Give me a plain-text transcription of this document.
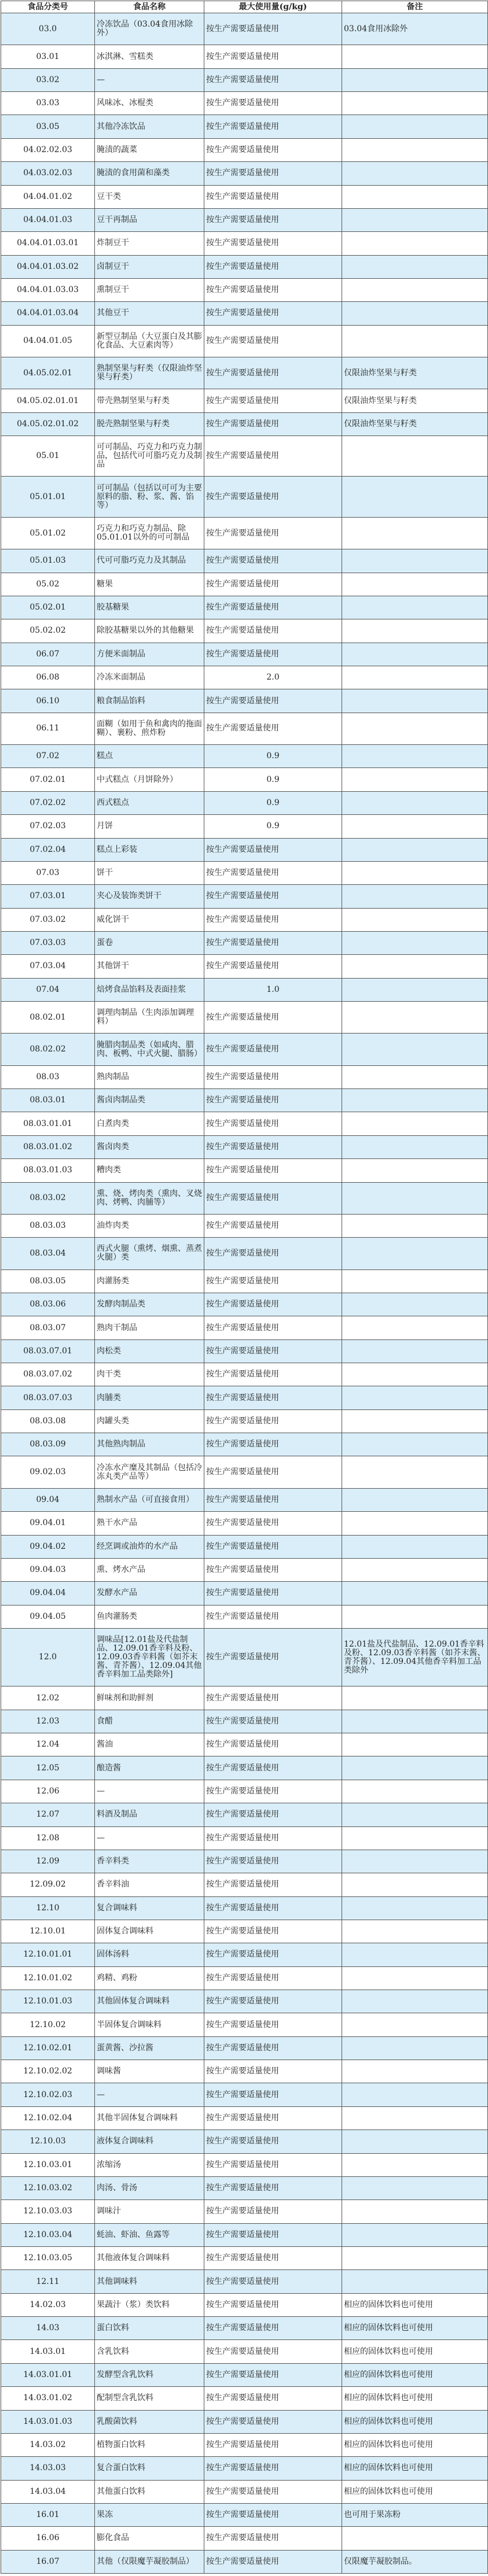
食品分类号	食品名称	最大使用量(g/kg)	备注
03.0	冷冻饮品（03.04食用冰除外）	按生产需要适量使用	03.04食用冰除外
03.01	冰淇淋、雪糕类	按生产需要适量使用	
03.02	—	按生产需要适量使用	
03.03	风味冰、冰棍类	按生产需要适量使用	
03.05	其他冷冻饮品	按生产需要适量使用	
04.02.02.03	腌渍的蔬菜	按生产需要适量使用	
04.03.02.03	腌渍的食用菌和藻类	按生产需要适量使用	
04.04.01.02	豆干类	按生产需要适量使用	
04.04.01.03	豆干再制品	按生产需要适量使用	
04.04.01.03.01	炸制豆干	按生产需要适量使用	
04.04.01.03.02	卤制豆干	按生产需要适量使用	
04.04.01.03.03	熏制豆干	按生产需要适量使用	
04.04.01.03.04	其他豆干	按生产需要适量使用	
04.04.01.05	新型豆制品（大豆蛋白及其膨化食品、大豆素肉等）	按生产需要适量使用	
04.05.02.01	熟制坚果与籽类（仅限油炸坚果与籽类）	按生产需要适量使用	仅限油炸坚果与籽类
04.05.02.01.01	带壳熟制坚果与籽类	按生产需要适量使用	仅限油炸坚果与籽类
04.05.02.01.02	脱壳熟制坚果与籽类	按生产需要适量使用	仅限油炸坚果与籽类
05.01	可可制品、巧克力和巧克力制品，包括代可可脂巧克力及制品	按生产需要适量使用	
05.01.01	可可制品（包括以可可为主要原料的脂、粉、浆、酱、馅等）	按生产需要适量使用	
05.01.02	巧克力和巧克力制品、除05.01.01以外的可可制品	按生产需要适量使用	
05.01.03	代可可脂巧克力及其制品	按生产需要适量使用	
05.02	糖果	按生产需要适量使用	
05.02.01	胶基糖果	按生产需要适量使用	
05.02.02	除胶基糖果以外的其他糖果	按生产需要适量使用	
06.07	方便米面制品	按生产需要适量使用	
06.08	冷冻米面制品	2.0	
06.10	粮食制品馅料	按生产需要适量使用	
06.11	面糊（如用于鱼和禽肉的拖面糊）、裹粉、煎炸粉	按生产需要适量使用	
07.02	糕点	0.9	
07.02.01	中式糕点（月饼除外）	0.9	
07.02.02	西式糕点	0.9	
07.02.03	月饼	0.9	
07.02.04	糕点上彩装	按生产需要适量使用	
07.03	饼干	按生产需要适量使用	
07.03.01	夹心及装饰类饼干	按生产需要适量使用	
07.03.02	威化饼干	按生产需要适量使用	
07.03.03	蛋卷	按生产需要适量使用	
07.03.04	其他饼干	按生产需要适量使用	
07.04	焙烤食品馅料及表面挂浆	1.0	
08.02.01	调理肉制品（生肉添加调理料）	按生产需要适量使用	
08.02.02	腌腊肉制品类（如咸肉、腊肉、板鸭、中式火腿、腊肠）	按生产需要适量使用	
08.03	熟肉制品	按生产需要适量使用	
08.03.01	酱卤肉制品类	按生产需要适量使用	
08.03.01.01	白煮肉类	按生产需要适量使用	
08.03.01.02	酱卤肉类	按生产需要适量使用	
08.03.01.03	糟肉类	按生产需要适量使用	
08.03.02	熏、烧、烤肉类（熏肉、叉烧肉、烤鸭、肉脯等）	按生产需要适量使用	
08.03.03	油炸肉类	按生产需要适量使用	
08.03.04	西式火腿（熏烤、烟熏、蒸煮火腿）类	按生产需要适量使用	
08.03.05	肉灌肠类	按生产需要适量使用	
08.03.06	发酵肉制品类	按生产需要适量使用	
08.03.07	熟肉干制品	按生产需要适量使用	
08.03.07.01	肉松类	按生产需要适量使用	
08.03.07.02	肉干类	按生产需要适量使用	
08.03.07.03	肉脯类	按生产需要适量使用	
08.03.08	肉罐头类	按生产需要适量使用	
08.03.09	其他熟肉制品	按生产需要适量使用	
09.02.03	冷冻水产糜及其制品（包括冷冻丸类产品等）	按生产需要适量使用	
09.04	熟制水产品（可直接食用）	按生产需要适量使用	
09.04.01	熟干水产品	按生产需要适量使用	
09.04.02	经烹调或油炸的水产品	按生产需要适量使用	
09.04.03	熏、烤水产品	按生产需要适量使用	
09.04.04	发酵水产品	按生产需要适量使用	
09.04.05	鱼肉灌肠类	按生产需要适量使用	
12.0	调味品[12.01盐及代盐制品、12.09.01香辛料及粉、12.09.03香辛料酱（如芥末酱、青芥酱）、12.09.04其他香辛料加工品类除外]	按生产需要适量使用	12.01盐及代盐制品、12.09.01香辛料及粉、12.09.03香辛料酱（如芥末酱、青芥酱）、12.09.04其他香辛料加工品类除外
12.02	鲜味剂和助鲜剂	按生产需要适量使用	
12.03	食醋	按生产需要适量使用	
12.04	酱油	按生产需要适量使用	
12.05	酿造酱	按生产需要适量使用	
12.06	—	按生产需要适量使用	
12.07	料酒及制品	按生产需要适量使用	
12.08	—	按生产需要适量使用	
12.09	香辛料类	按生产需要适量使用	
12.09.02	香辛料油	按生产需要适量使用	
12.10	复合调味料	按生产需要适量使用	
12.10.01	固体复合调味料	按生产需要适量使用	
12.10.01.01	固体汤料	按生产需要适量使用	
12.10.01.02	鸡精、鸡粉	按生产需要适量使用	
12.10.01.03	其他固体复合调味料	按生产需要适量使用	
12.10.02	半固体复合调味料	按生产需要适量使用	
12.10.02.01	蛋黄酱、沙拉酱	按生产需要适量使用	
12.10.02.02	调味酱	按生产需要适量使用	
12.10.02.03	—	按生产需要适量使用	
12.10.02.04	其他半固体复合调味料	按生产需要适量使用	
12.10.03	液体复合调味料	按生产需要适量使用	
12.10.03.01	浓缩汤	按生产需要适量使用	
12.10.03.02	肉汤、骨汤	按生产需要适量使用	
12.10.03.03	调味汁	按生产需要适量使用	
12.10.03.04	蚝油、虾油、鱼露等	按生产需要适量使用	
12.10.03.05	其他液体复合调味料	按生产需要适量使用	
12.11	其他调味料	按生产需要适量使用	
14.02.03	果蔬汁（浆）类饮料	按生产需要适量使用	相应的固体饮料也可使用
14.03	蛋白饮料	按生产需要适量使用	相应的固体饮料也可使用
14.03.01	含乳饮料	按生产需要适量使用	相应的固体饮料也可使用
14.03.01.01	发酵型含乳饮料	按生产需要适量使用	相应的固体饮料也可使用
14.03.01.02	配制型含乳饮料	按生产需要适量使用	相应的固体饮料也可使用
14.03.01.03	乳酸菌饮料	按生产需要适量使用	相应的固体饮料也可使用
14.03.02	植物蛋白饮料	按生产需要适量使用	相应的固体饮料也可使用
14.03.03	复合蛋白饮料	按生产需要适量使用	相应的固体饮料也可使用
14.03.04	其他蛋白饮料	按生产需要适量使用	相应的固体饮料也可使用
16.01	果冻	按生产需要适量使用	也可用于果冻粉
16.06	膨化食品	按生产需要适量使用	
16.07	其他（仅限魔芋凝胶制品）	按生产需要适量使用	仅限魔芋凝胶制品。
